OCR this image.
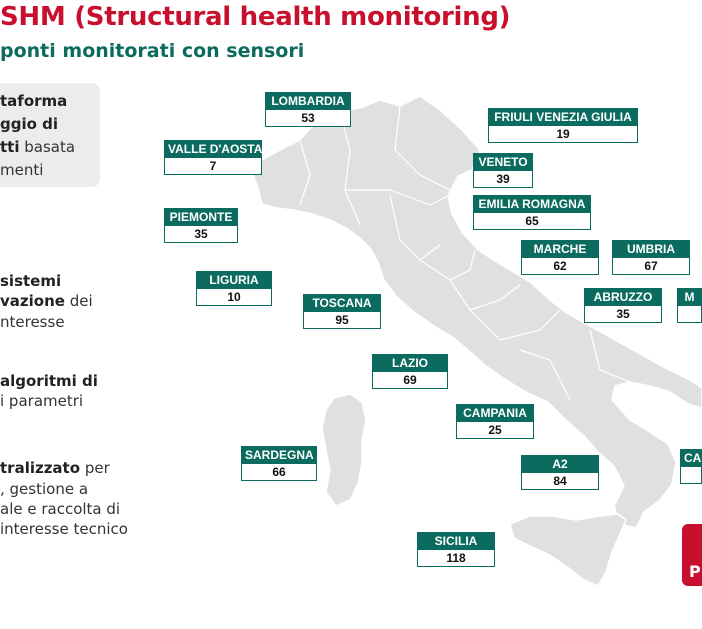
SHM (Structural health monitoring)
ponti monitorati con sensori
taforma
ggio di
tti basata
menti
sistemi
vazione dei
nteresse
algoritmi di
i parametri
tralizzato per
, gestione a
ale e raccolta di
interesse tecnico
LOMBARDIA
53	FRIULI VENEZIA GIULIA
19
VALLE D'AOSTA
7	VENETO
39
EMILIA ROMAGNA
65
PIEMONTE
35
MARCHE
62
UMBRIA
67
LIGURIA
10	TOSCANA
95
ABRUZZO
35
M
LAZIO
69
CAMPANIA
25
SARDEGNA
66
A2
84
CA
SICILIA
118
P
